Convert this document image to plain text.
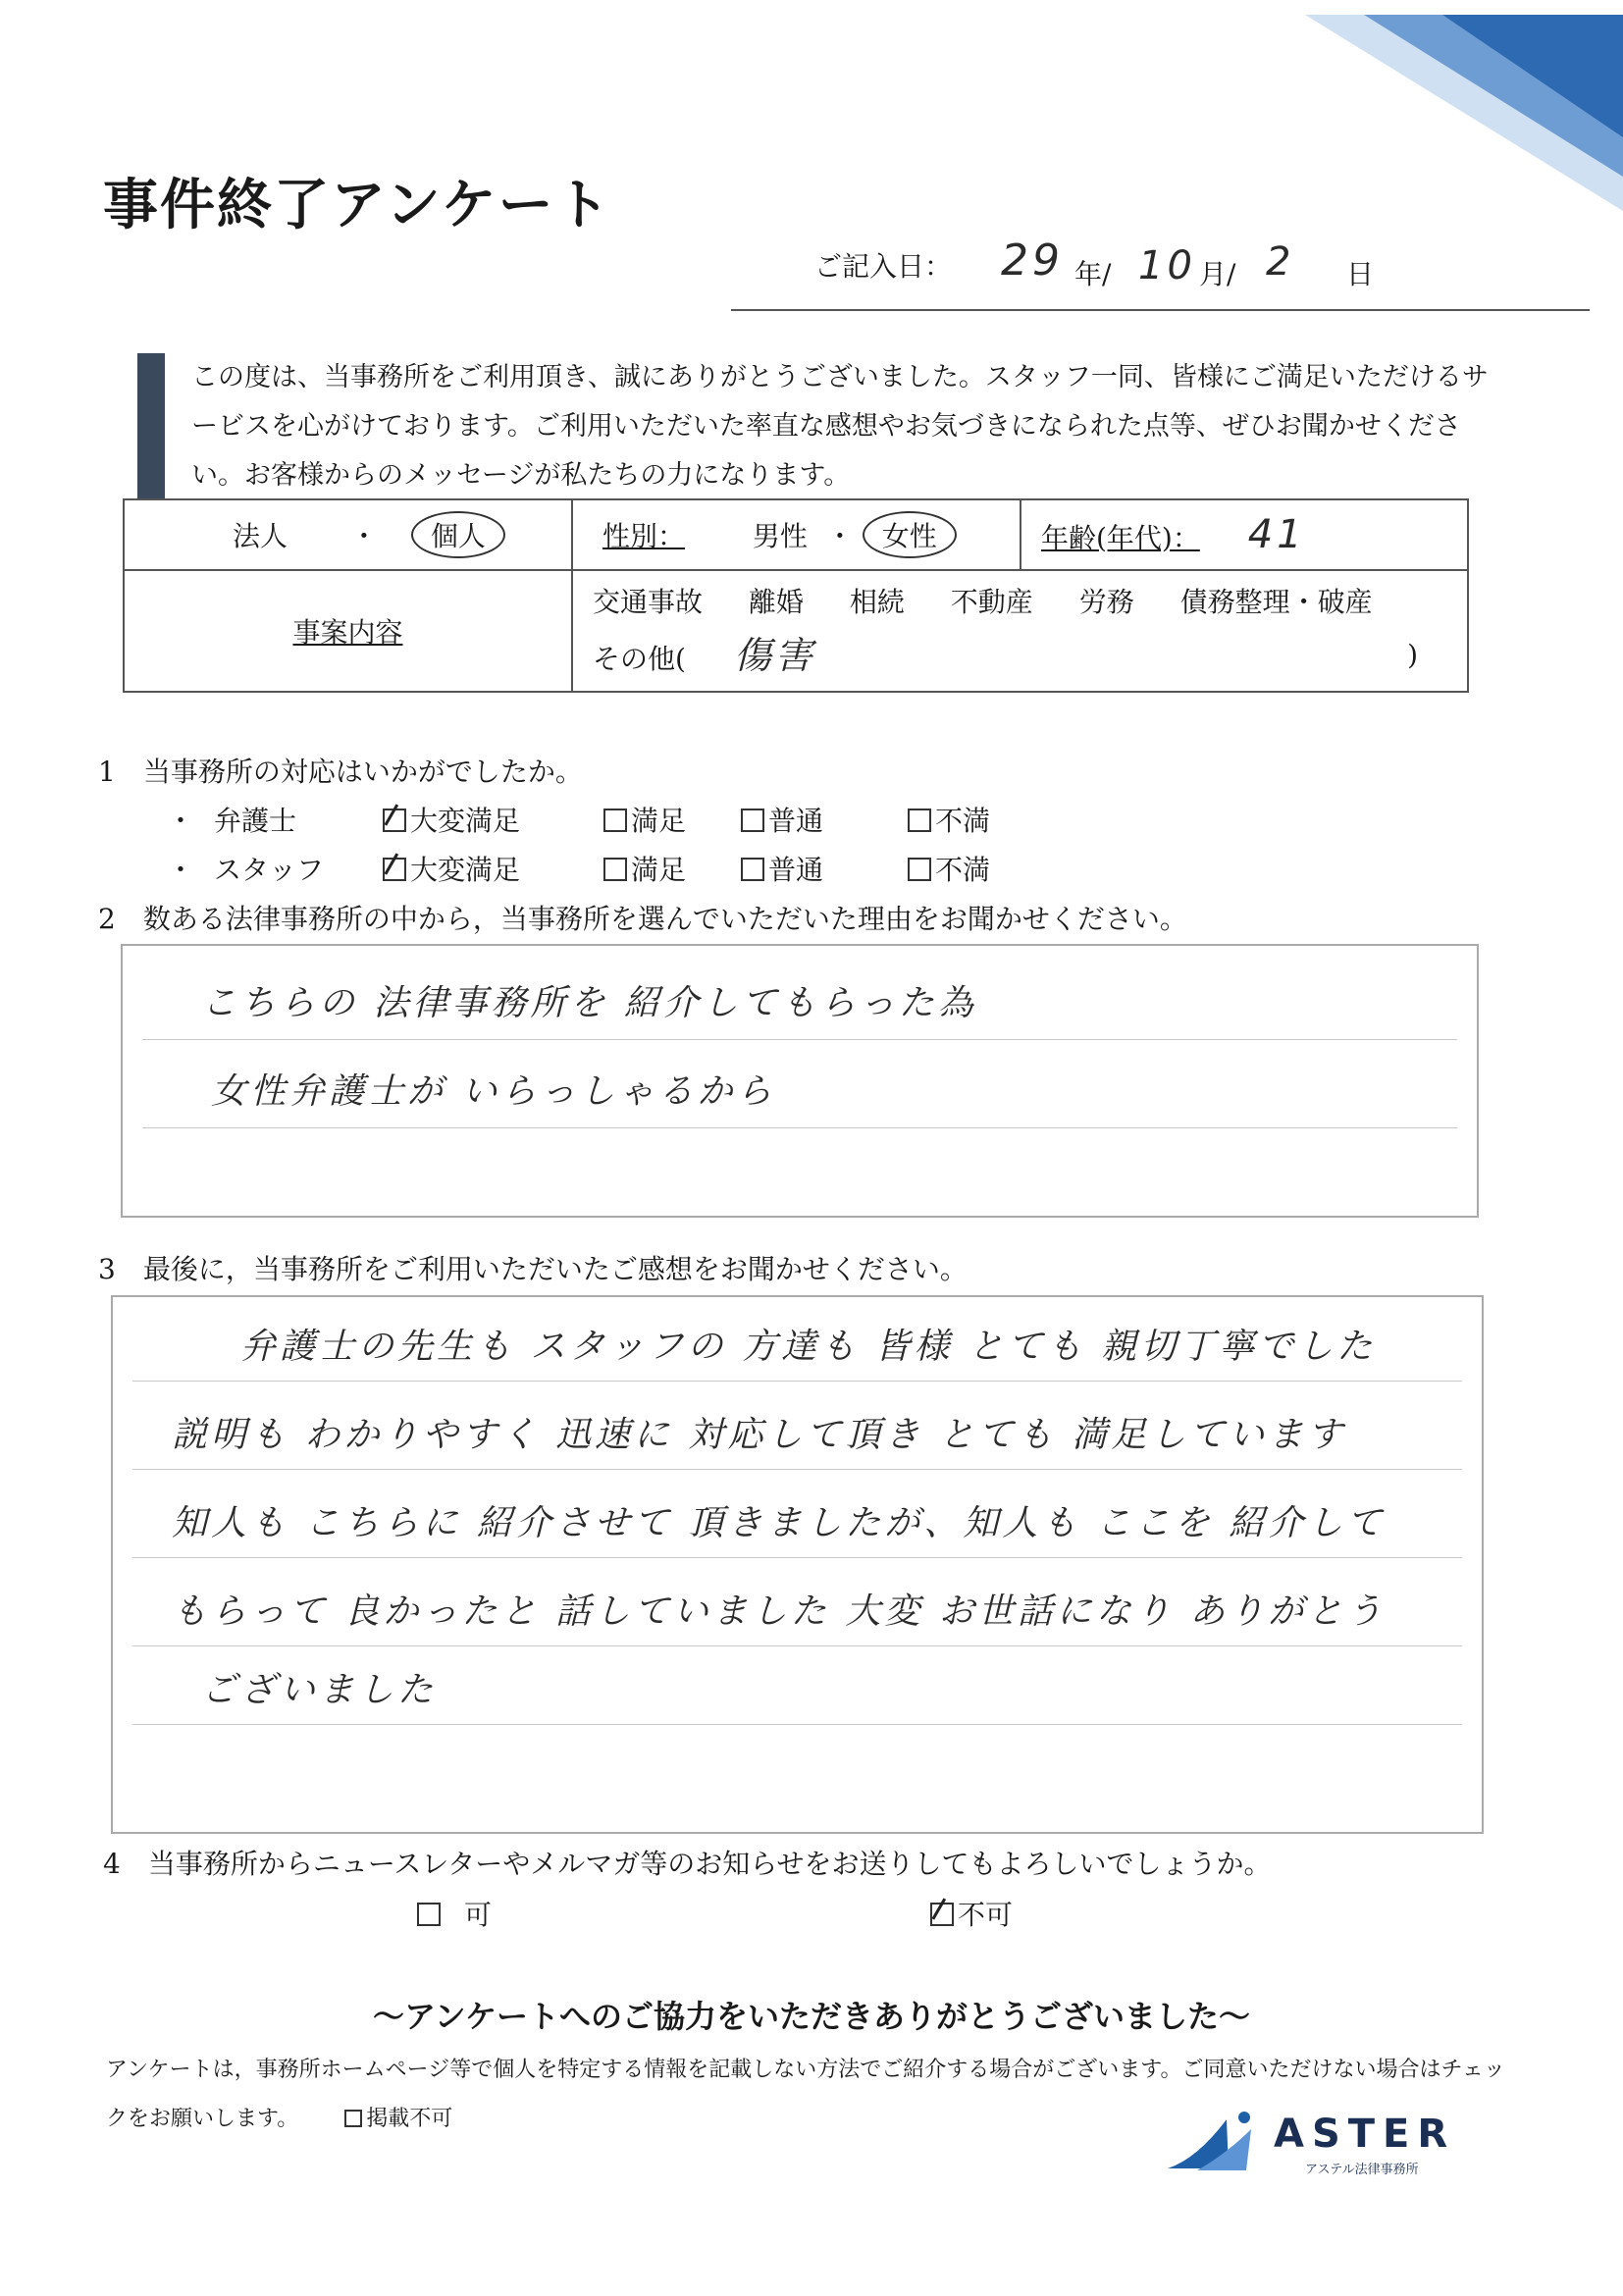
事件終了アンケート
ご記入日： 29 年/ 10 月/ 2 日
この度は、当事務所をご利用頂き、誠にありがとうございました。スタッフ一同、皆様にご満足いただけるサービスを心がけております。ご利用いただいた率直な感想やお気づきになられた点等、ぜひお聞かせください。お客様からのメッセージが私たちの力になります。
法人 ・ 個人	性別： 男性 ・ 女性	年齢(年代)： 41
事案内容	交通事故 離婚 相続 不動産 労務 債務整理・破産
その他( 傷害 )	
1　当事務所の対応はいかがでしたか。
・ 弁護士	大変満足	満足	普通	不満
・ スタッフ	大変満足	満足	普通	不満
2　数ある法律事務所の中から，当事務所を選んでいただいた理由をお聞かせください。
こちらの 法律事務所を 紹介してもらった為
女性弁護士が いらっしゃるから
3　最後に，当事務所をご利用いただいたご感想をお聞かせください。
弁護士の先生も スタッフの 方達も 皆様 とても 親切丁寧でした
説明も わかりやすく 迅速に 対応して頂き とても 満足しています
知人も こちらに 紹介させて 頂きましたが、知人も ここを 紹介して
もらって 良かったと 話していました 大変 お世話になり ありがとう
ございました
4　当事務所からニュースレターやメルマガ等のお知らせをお送りしてもよろしいでしょうか。
可	不可
～アンケートへのご協力をいただきありがとうございました～
アンケートは，事務所ホームページ等で個人を特定する情報を記載しない方法でご紹介する場合がございます。ご同意いただけない場合はチェックをお願いします。	掲載不可	ASTER
アステル法律事務所
